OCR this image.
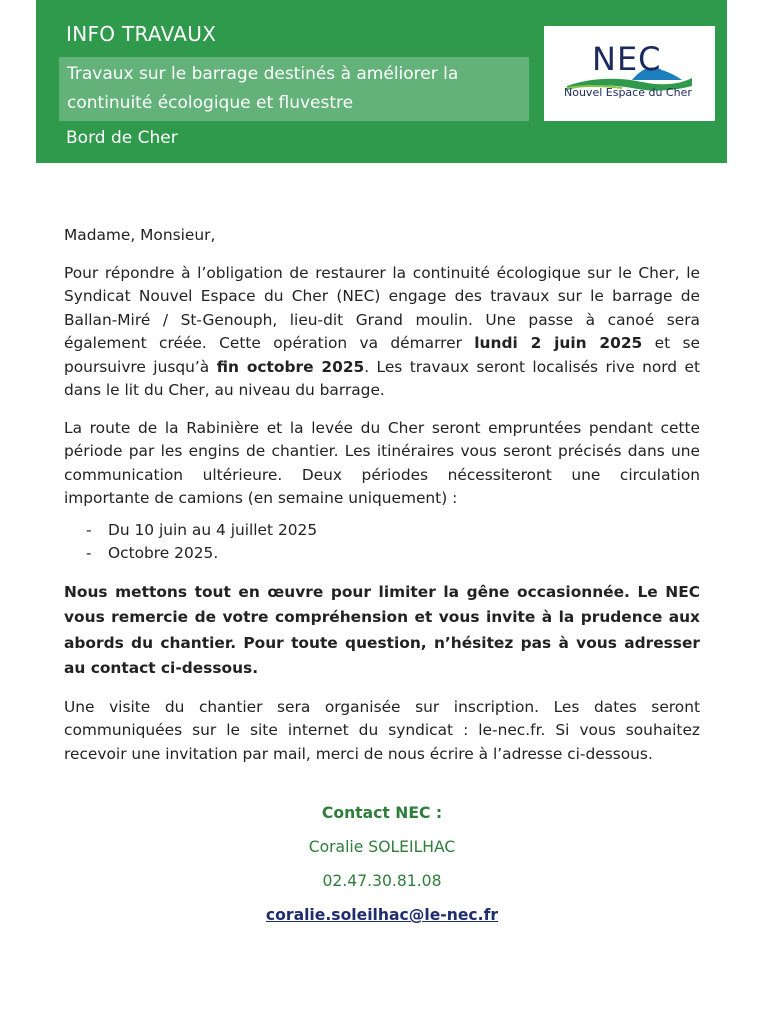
INFO TRAVAUX
Travaux sur le barrage destinés à améliorer la
continuité écologique et fluvestre
Bord de Cher
NEC
Nouvel Espace du Cher

Madame, Monsieur,

Pour répondre à l’obligation de restaurer la continuité écologique sur le Cher, le Syndicat Nouvel Espace du Cher (NEC) engage des travaux sur le barrage de Ballan-Miré / St-Genouph, lieu-dit Grand moulin. Une passe à canoé sera également créée. Cette opération va démarrer lundi 2 juin 2025 et se poursuivre jusqu’à fin octobre 2025. Les travaux seront localisés rive nord et dans le lit du Cher, au niveau du barrage.

La route de la Rabinière et la levée du Cher seront empruntées pendant cette période par les engins de chantier. Les itinéraires vous seront précisés dans une communication ultérieure. Deux périodes nécessiteront une circulation importante de camions (en semaine uniquement) :

- Du 10 juin au 4 juillet 2025
- Octobre 2025.

Nous mettons tout en œuvre pour limiter la gêne occasionnée. Le NEC vous remercie de votre compréhension et vous invite à la prudence aux abords du chantier. Pour toute question, n’hésitez pas à vous adresser au contact ci-dessous.

Une visite du chantier sera organisée sur inscription. Les dates seront communiquées sur le site internet du syndicat : le-nec.fr. Si vous souhaitez recevoir une invitation par mail, merci de nous écrire à l’adresse ci-dessous.

Contact NEC :
Coralie SOLEILHAC
02.47.30.81.08
coralie.soleilhac@le-nec.fr
